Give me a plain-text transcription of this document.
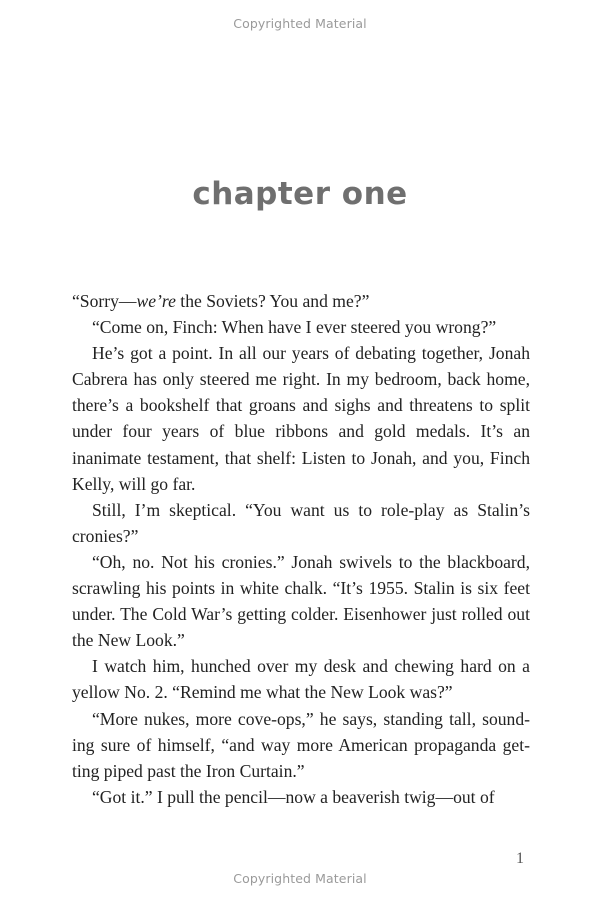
Copyrighted Material
chapter one

“Sorry—we’re the Soviets? You and me?”

“Come on, Finch: When have I ever steered you wrong?”

He’s got a point. In all our years of debating together, Jonah Cabrera has only steered me right. In my bedroom, back home, there’s a bookshelf that groans and sighs and threatens to split under four years of blue ribbons and gold medals. It’s an inanimate testament, that shelf: Listen to Jonah, and you, Finch Kelly, will go far.

Still, I’m skeptical. “You want us to role-play as Stalin’s cronies?”

“Oh, no. Not his cronies.” Jonah swivels to the blackboard, scrawling his points in white chalk. “It’s 1955. Stalin is six feet under. The Cold War’s getting colder. Eisenhower just rolled out the New Look.”

I watch him, hunched over my desk and chewing hard on a yellow No. 2. “Remind me what the New Look was?”

“More nukes, more cove-ops,” he says, standing tall, sounding sure of himself, “and way more American propaganda getting piped past the Iron Curtain.”

“Got it.” I pull the pencil—now a beaverish twig—out of

1
Copyrighted Material
